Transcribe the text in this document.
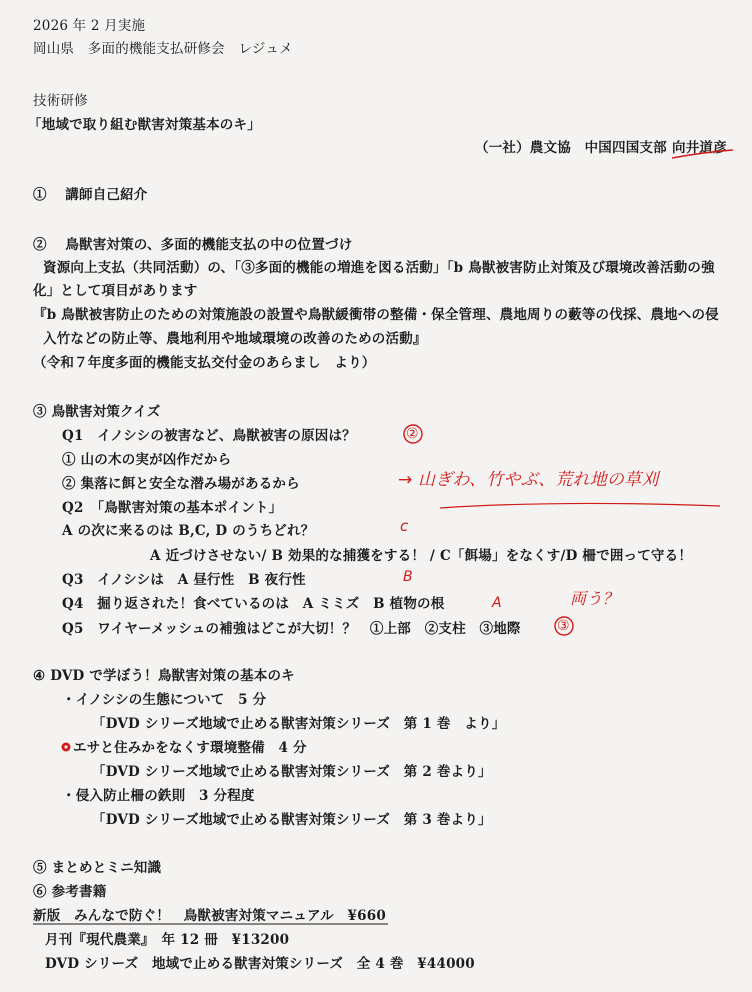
2026 年 2 月実施
岡山県　多面的機能支払研修会　レジュメ
技術研修
「地域で取り組む獣害対策基本のキ」
（一社）農文協　中国四国支部 向井道彦
①　 講師自己紹介
②　 鳥獣害対策の、多面的機能支払の中の位置づけ
資源向上支払（共同活動）の、「③多面的機能の増進を図る活動」「b 鳥獣被害防止対策及び環境改善活動の強
化」として項目があります
『b 鳥獣被害防止のための対策施設の設置や鳥獣緩衝帯の整備・保全管理、農地周りの藪等の伐採、農地への侵
入竹などの防止等、農地利用や地域環境の改善のための活動』
（令和７年度多面的機能支払交付金のあらまし　より）
③ 鳥獣害対策クイズ
Q1　イノシシの被害など、鳥獣被害の原因は？
① 山の木の実が凶作だから
② 集落に餌と安全な潜み場があるから
Q2　「鳥獣害対策の基本ポイント」
A の次に来るのは B,C, D のうちどれ？
A 近づけさせない/ B 効果的な捕獲をする！ / C「餌場」をなくす/D 柵で囲って守る！
Q3　イノシシは　A 昼行性　B 夜行性
Q4　掘り返された！食べているのは　A ミミズ　B 植物の根
Q5　ワイヤーメッシュの補強はどこが大切！？　①上部　②支柱　③地際
④ DVD で学ぼう！鳥獣害対策の基本のキ
・イノシシの生態について　5 分
「DVD シリーズ地域で止める獣害対策シリーズ　第 1 巻　より」
エサと住みかをなくす環境整備　4 分
「DVD シリーズ地域で止める獣害対策シリーズ　第 2 巻より」
・侵入防止柵の鉄則　3 分程度
「DVD シリーズ地域で止める獣害対策シリーズ　第 3 巻より」
⑤ まとめとミニ知識
⑥ 参考書籍
新版　みんなで防ぐ！　鳥獣被害対策マニュアル　¥660
月刊『現代農業』　年 12 冊　¥13200
DVD シリーズ　地域で止める獣害対策シリーズ　全 4 巻　¥44000
②
→ 山ぎわ、竹やぶ、荒れ地の草刈
c
B
A	両う？
③
